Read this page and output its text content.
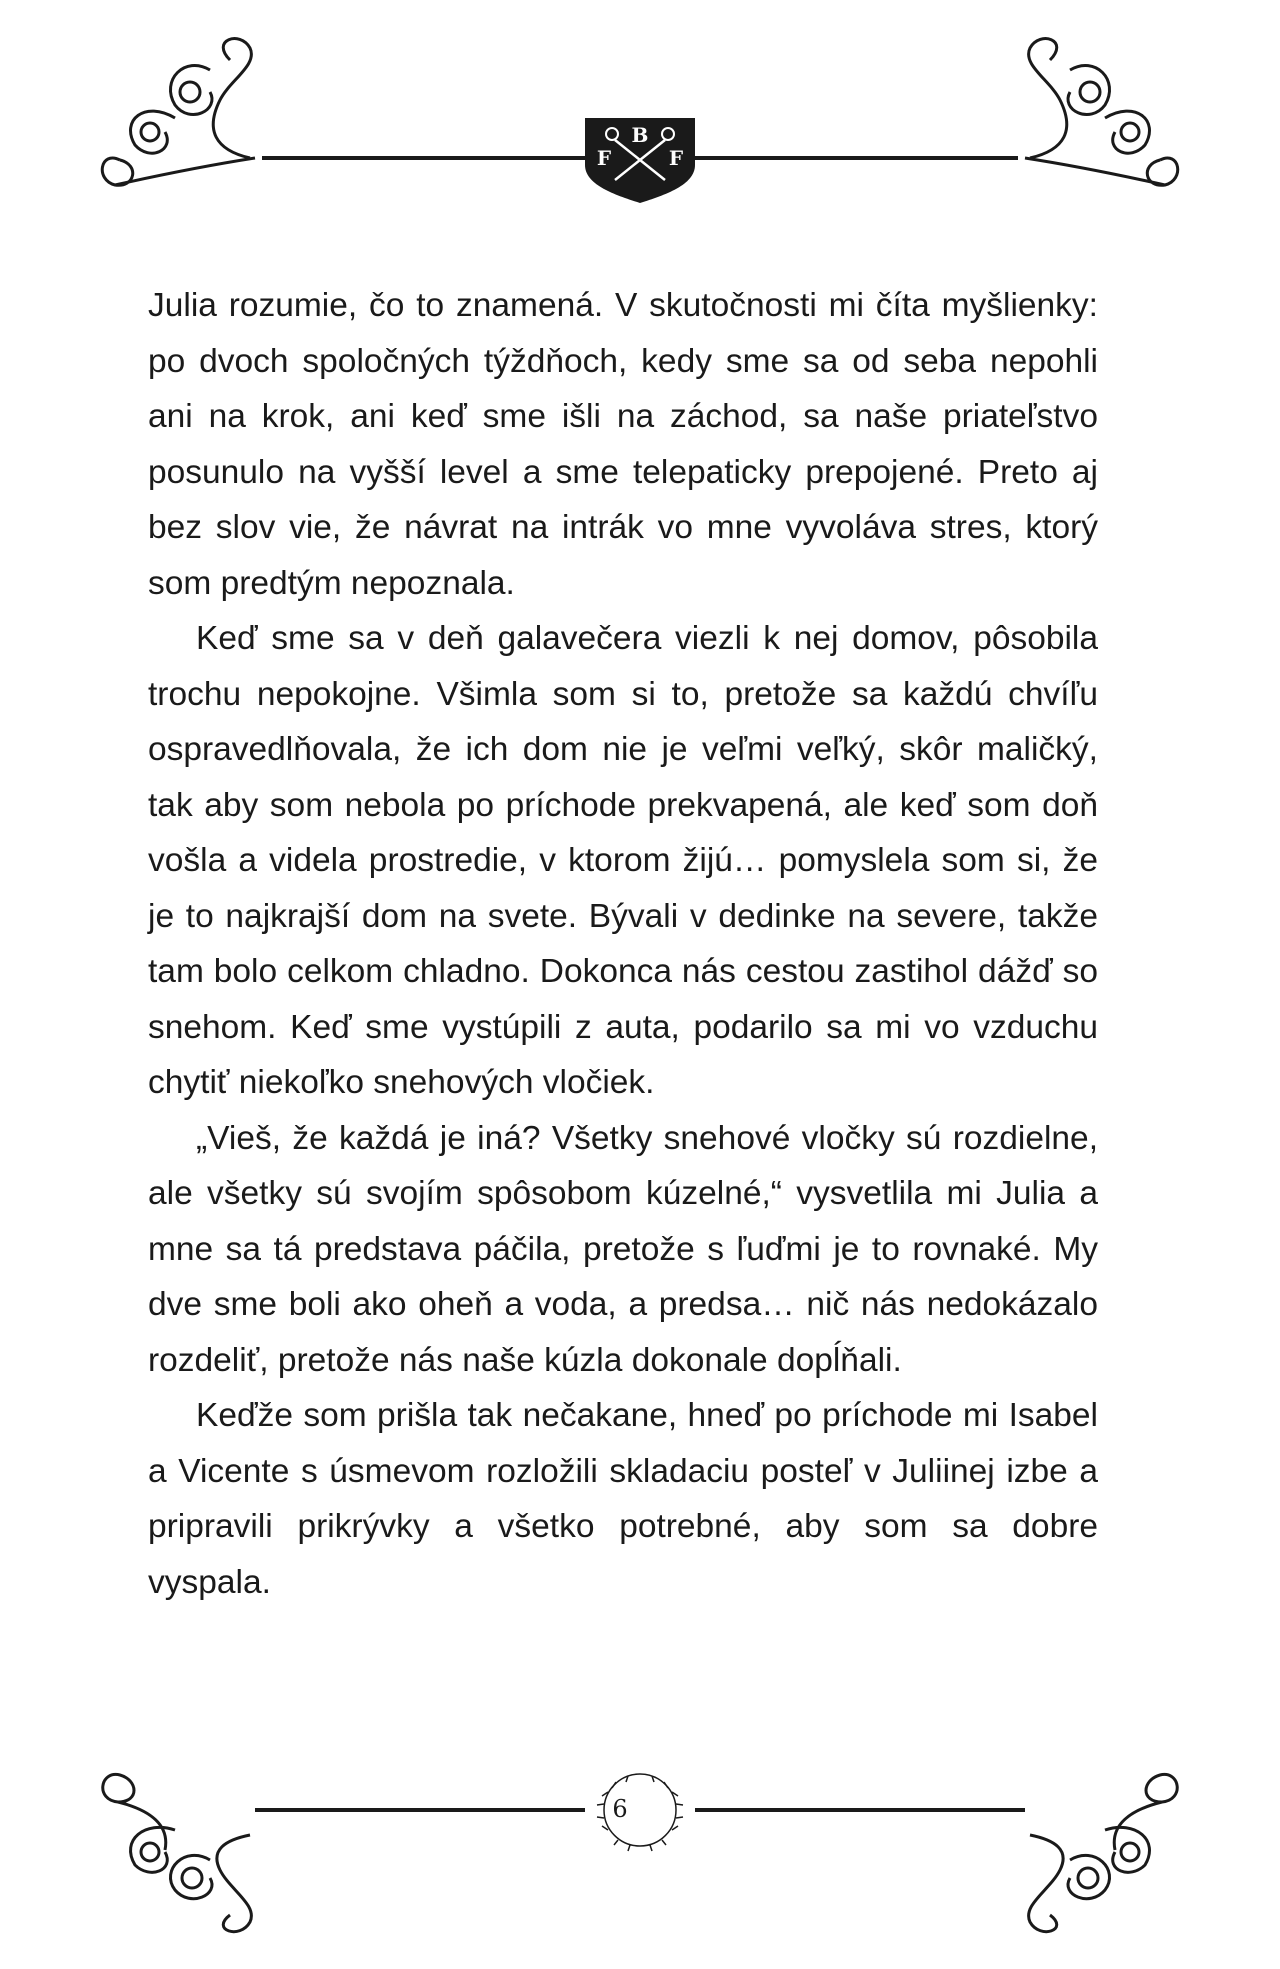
B
F	F

Julia rozumie, čo to znamená. V skutočnosti mi číta myšlienky: po dvoch spoločných týždňoch, kedy sme sa od seba nepohli ani na krok, ani keď sme išli na záchod, sa naše priateľstvo posunulo na vyšší level a sme telepaticky prepojené. Preto aj bez slov vie, že návrat na intrák vo mne vyvoláva stres, ktorý som predtým nepoznala.

Keď sme sa v deň galavečera viezli k nej domov, pôsobila trochu nepokojne. Všimla som si to, pretože sa každú chvíľu ospravedlňovala, že ich dom nie je veľmi veľký, skôr maličký, tak aby som nebola po príchode prekvapená, ale keď som doň vošla a videla prostredie, v ktorom žijú… pomyslela som si, že je to najkrajší dom na svete. Bývali v dedinke na severe, takže tam bolo celkom chladno. Dokonca nás cestou zastihol dážď so snehom. Keď sme vystúpili z auta, podarilo sa mi vo vzduchu chytiť niekoľko snehových vločiek.

„Vieš, že každá je iná? Všetky snehové vločky sú rozdielne, ale všetky sú svojím spôsobom kúzelné,“ vysvetlila mi Julia a mne sa tá predstava páčila, pretože s ľuďmi je to rovnaké. My dve sme boli ako oheň a voda, a predsa… nič nás nedokázalo rozdeliť, pretože nás naše kúzla dokonale dopĺňali.

Keďže som prišla tak nečakane, hneď po príchode mi Isabel a Vicente s úsmevom rozložili skladaciu posteľ v Juliinej izbe a pripravili prikrývky a všetko potrebné, aby som sa dobre vyspala.

6
